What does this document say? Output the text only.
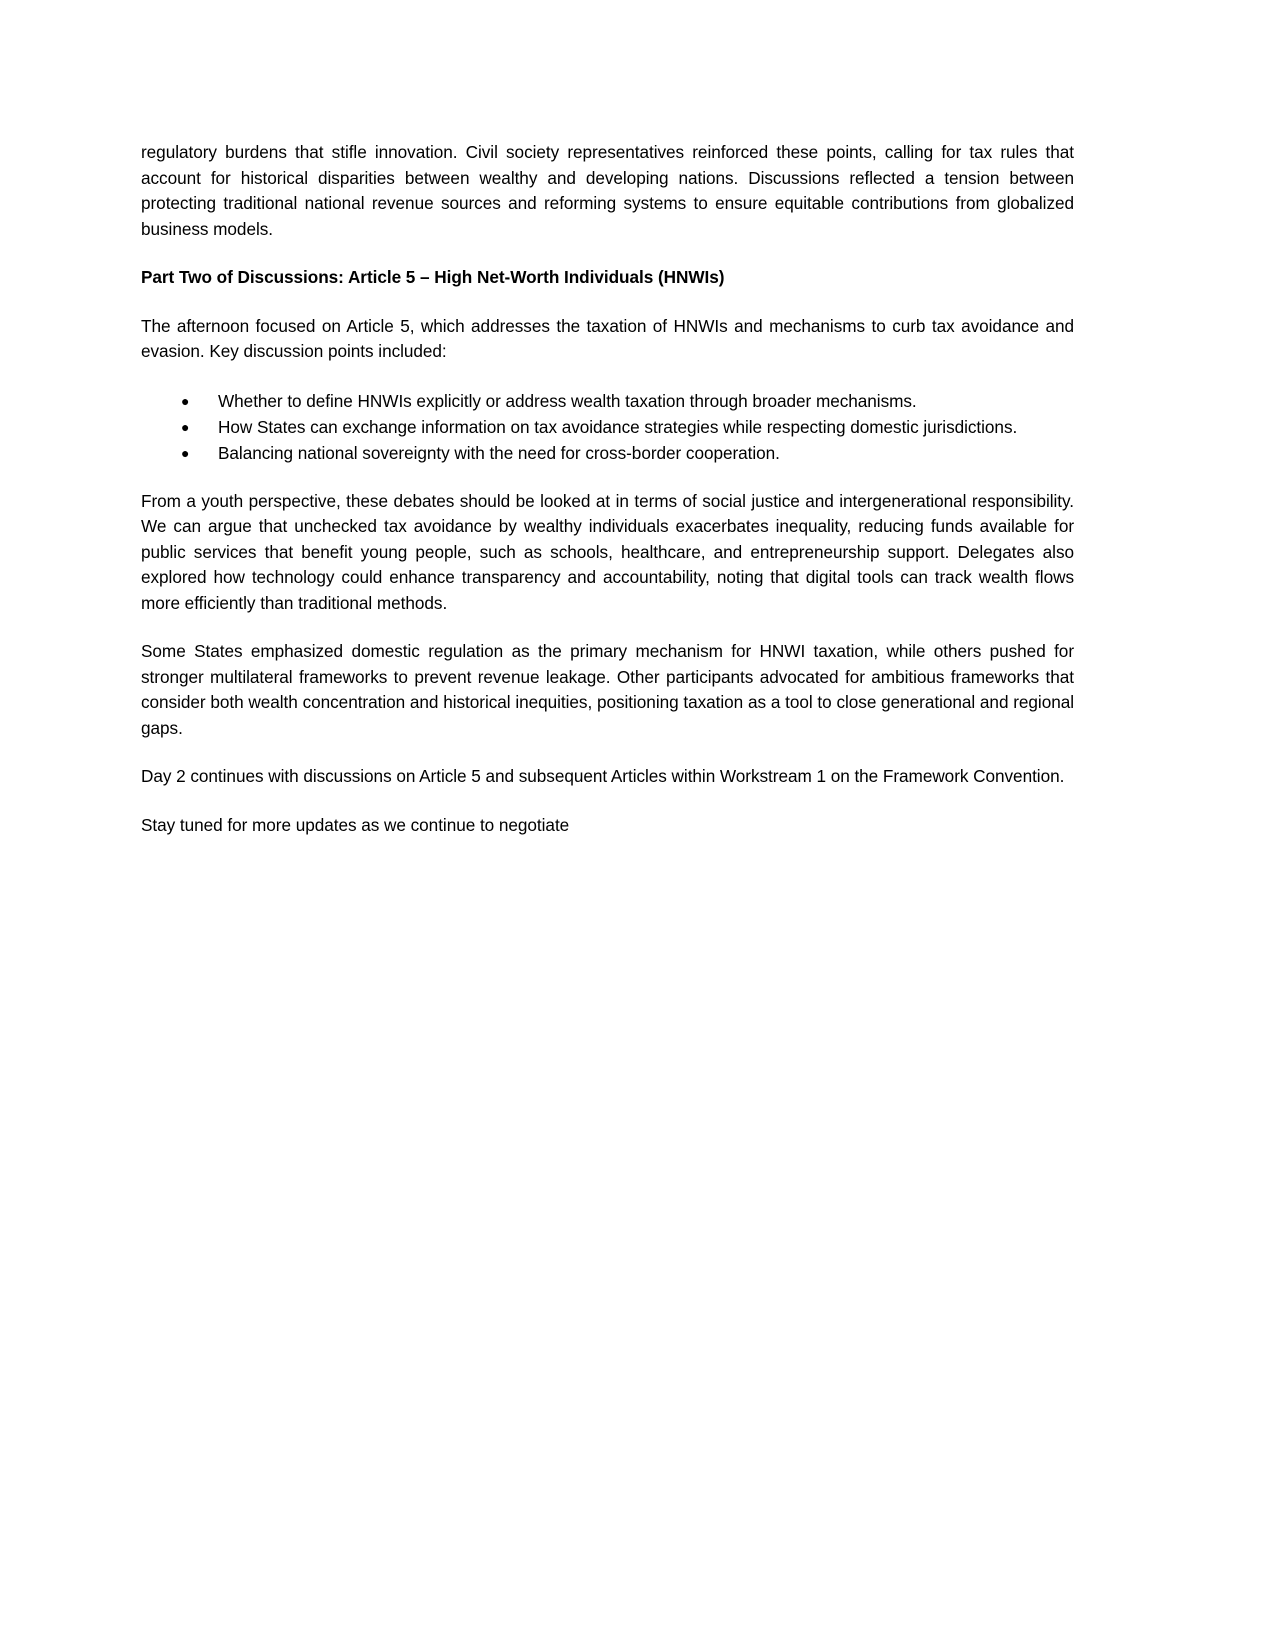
regulatory burdens that stifle innovation. Civil society representatives reinforced these points, calling for tax rules that account for historical disparities between wealthy and developing nations. Discussions reflected a tension between protecting traditional national revenue sources and reforming systems to ensure equitable contributions from globalized business models.

Part Two of Discussions: Article 5 – High Net-Worth Individuals (HNWIs)

The afternoon focused on Article 5, which addresses the taxation of HNWIs and mechanisms to curb tax avoidance and evasion. Key discussion points included:

● Whether to define HNWIs explicitly or address wealth taxation through broader mechanisms.
● How States can exchange information on tax avoidance strategies while respecting domestic jurisdictions.
● Balancing national sovereignty with the need for cross-border cooperation.

From a youth perspective, these debates should be looked at in terms of social justice and intergenerational responsibility. We can argue that unchecked tax avoidance by wealthy individuals exacerbates inequality, reducing funds available for public services that benefit young people, such as schools, healthcare, and entrepreneurship support. Delegates also explored how technology could enhance transparency and accountability, noting that digital tools can track wealth flows more efficiently than traditional methods.

Some States emphasized domestic regulation as the primary mechanism for HNWI taxation, while others pushed for stronger multilateral frameworks to prevent revenue leakage. Other participants advocated for ambitious frameworks that consider both wealth concentration and historical inequities, positioning taxation as a tool to close generational and regional gaps.

Day 2 continues with discussions on Article 5 and subsequent Articles within Workstream 1 on the Framework Convention.

Stay tuned for more updates as we continue to negotiate
